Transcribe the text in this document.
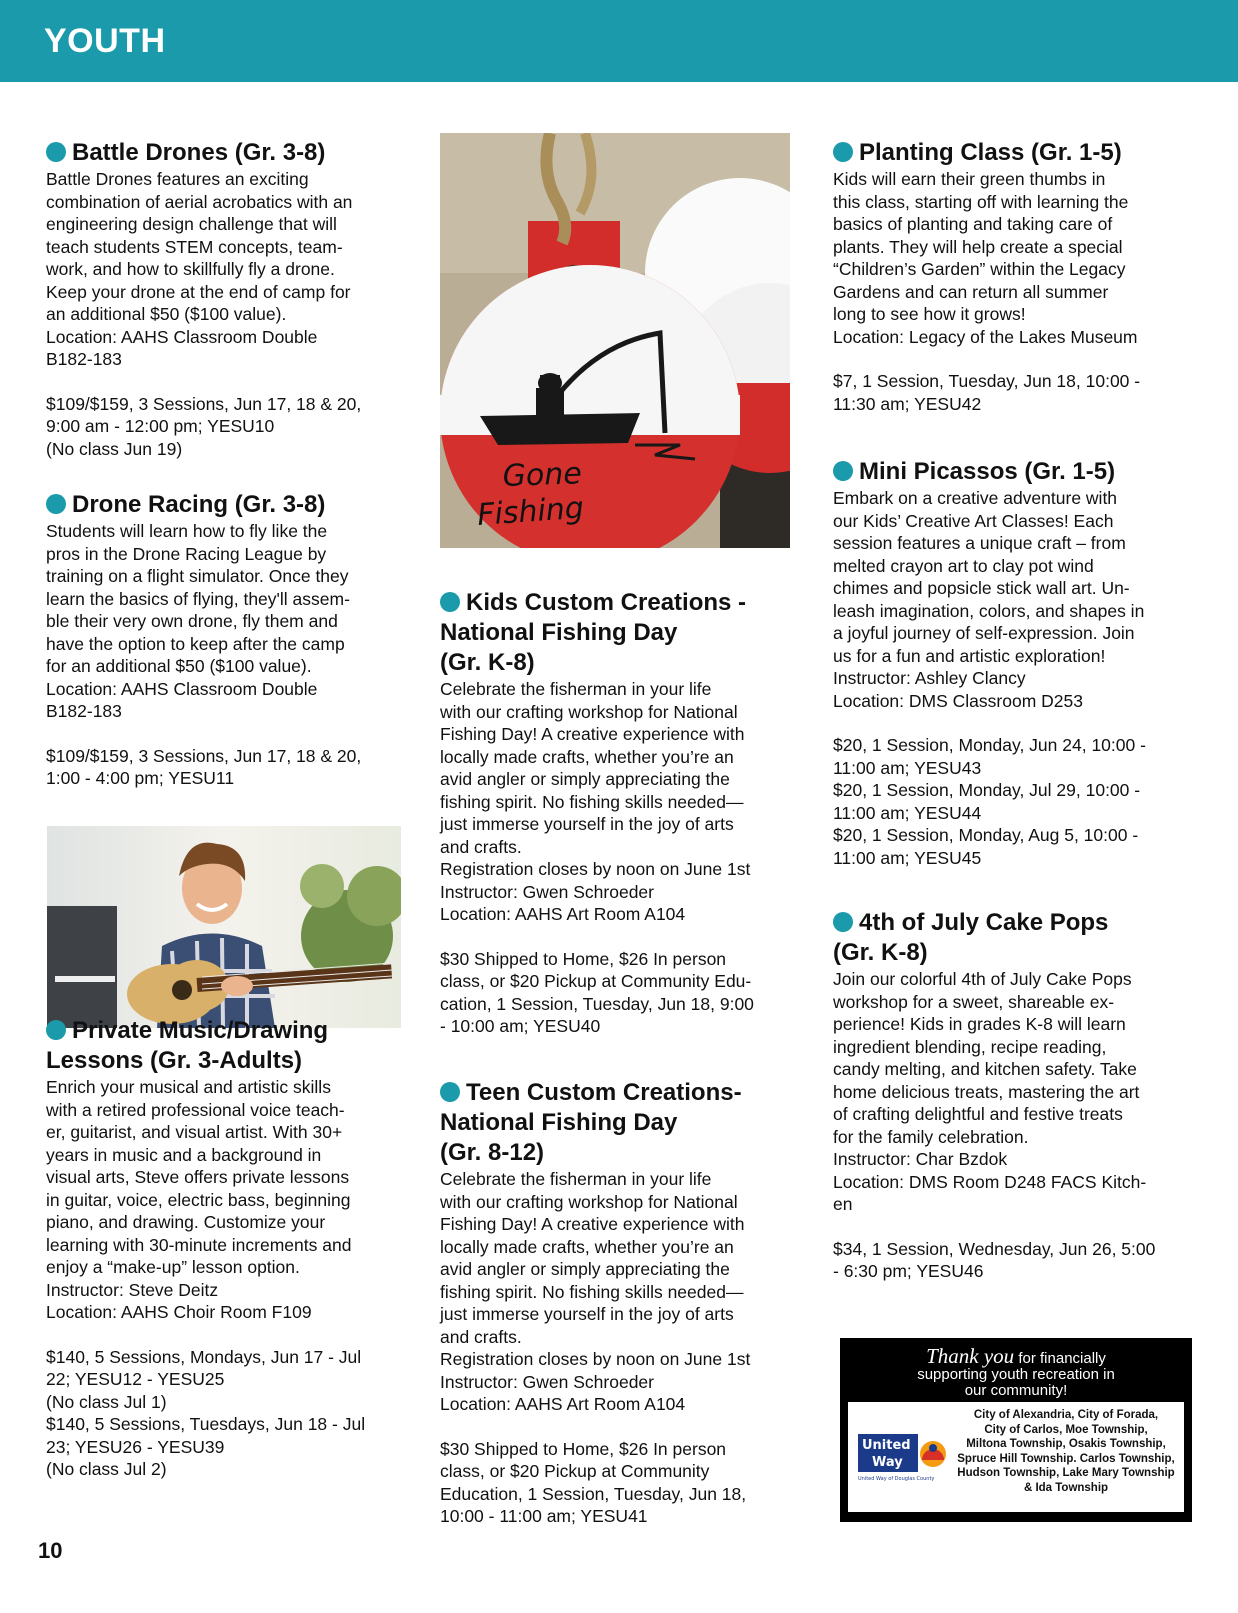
YOUTH

Battle Drones (Gr. 3-8)

Battle Drones features an exciting
combination of aerial acrobatics with an
engineering design challenge that will
teach students STEM concepts, team-
work, and how to skillfully fly a drone.
Keep your drone at the end of camp for
an additional $50 ($100 value).
Location: AAHS Classroom Double
B182-183

$109/$159, 3 Sessions, Jun 17, 18 & 20,
9:00 am - 12:00 pm; YESU10
(No class Jun 19)

Drone Racing (Gr. 3-8)

Students will learn how to fly like the
pros in the Drone Racing League by
training on a flight simulator. Once they
learn the basics of flying, they'll assem-
ble their very own drone, fly them and
have the option to keep after the camp
for an additional $50 ($100 value).
Location: AAHS Classroom Double
B182-183

$109/$159, 3 Sessions, Jun 17, 18 & 20,
1:00 - 4:00 pm; YESU11

Private Music/Drawing
Lessons (Gr. 3-Adults)

Enrich your musical and artistic skills
with a retired professional voice teach-
er, guitarist, and visual artist. With 30+
years in music and a background in
visual arts, Steve offers private lessons
in guitar, voice, electric bass, beginning
piano, and drawing. Customize your
learning with 30-minute increments and
enjoy a “make-up” lesson option.
Instructor: Steve Deitz
Location: AAHS Choir Room F109

$140, 5 Sessions, Mondays, Jun 17 - Jul
22; YESU12 - YESU25
(No class Jul 1)
$140, 5 Sessions, Tuesdays, Jun 18 - Jul
23; YESU26 - YESU39
(No class Jul 2)

Gone
Fishing

Kids Custom Creations -
National Fishing Day
(Gr. K-8)

Celebrate the fisherman in your life
with our crafting workshop for National
Fishing Day! A creative experience with
locally made crafts, whether you’re an
avid angler or simply appreciating the
fishing spirit. No fishing skills needed—
just immerse yourself in the joy of arts
and crafts.
Registration closes by noon on June 1st
Instructor: Gwen Schroeder
Location: AAHS Art Room A104

$30 Shipped to Home, $26 In person
class, or $20 Pickup at Community Edu-
cation, 1 Session, Tuesday, Jun 18, 9:00
- 10:00 am; YESU40

Teen Custom Creations-
National Fishing Day
(Gr. 8-12)

Celebrate the fisherman in your life
with our crafting workshop for National
Fishing Day! A creative experience with
locally made crafts, whether you’re an
avid angler or simply appreciating the
fishing spirit. No fishing skills needed—
just immerse yourself in the joy of arts
and crafts.
Registration closes by noon on June 1st
Instructor: Gwen Schroeder
Location: AAHS Art Room A104

$30 Shipped to Home, $26 In person
class, or $20 Pickup at Community
Education, 1 Session, Tuesday, Jun 18,
10:00 - 11:00 am; YESU41

Planting Class (Gr. 1-5)

Kids will earn their green thumbs in
this class, starting off with learning the
basics of planting and taking care of
plants. They will help create a special
“Children’s Garden” within the Legacy
Gardens and can return all summer
long to see how it grows!
Location: Legacy of the Lakes Museum

$7, 1 Session, Tuesday, Jun 18, 10:00 -
11:30 am; YESU42

Mini Picassos (Gr. 1-5)

Embark on a creative adventure with
our Kids’ Creative Art Classes! Each
session features a unique craft – from
melted crayon art to clay pot wind
chimes and popsicle stick wall art. Un-
leash imagination, colors, and shapes in
a joyful journey of self-expression. Join
us for a fun and artistic exploration!
Instructor: Ashley Clancy
Location: DMS Classroom D253

$20, 1 Session, Monday, Jun 24, 10:00 -
11:00 am; YESU43
$20, 1 Session, Monday, Jul 29, 10:00 -
11:00 am; YESU44
$20, 1 Session, Monday, Aug 5, 10:00 -
11:00 am; YESU45

4th of July Cake Pops
(Gr. K-8)

Join our colorful 4th of July Cake Pops
workshop for a sweet, shareable ex-
perience! Kids in grades K-8 will learn
ingredient blending, recipe reading,
candy melting, and kitchen safety. Take
home delicious treats, mastering the art
of crafting delightful and festive treats
for the family celebration.
Instructor: Char Bzdok
Location: DMS Room D248 FACS Kitch-
en

$34, 1 Session, Wednesday, Jun 26, 5:00
- 6:30 pm; YESU46

Thank you for financially
supporting youth recreation in
our community!
United
Way
United Way of Douglas County
City of Alexandria, City of Forada,
City of Carlos, Moe Township,
Miltona Township, Osakis Township,
Spruce Hill Township. Carlos Township,
Hudson Township, Lake Mary Township
& Ida Township
10
